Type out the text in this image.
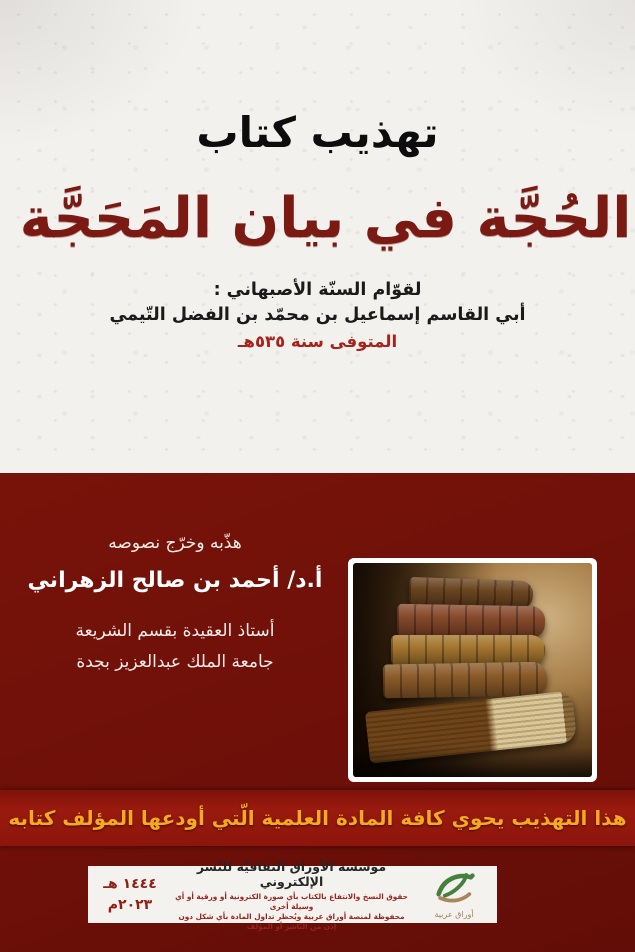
تهذيب كتاب
الحُجَّة في بيان المَحَجَّة
لقوّام السنّة الأصبهاني :
أبي القاسم إسماعيل بن محمّد بن الفضل التّيمي
المتوفى سنة ٥٣٥هـ
هذّبه وخرّج نصوصه
أ.د/ أحمد بن صالح الزهراني
أستاذ العقيدة بقسم الشريعة
جامعة الملك عبدالعزيز بجدة
هذا التهذيب يحوي كافة المادة العلمية الّتي أودعها المؤلف كتابه
أوراق عربية
مؤسسة الأوراق الثقافيّة للنّشر الإلكتروني
حقوق النسخ والانتفاع بالكتاب بأي صورة الكترونية أو ورقية أو أي وسيلة أخرى
محفوظة لمنصة أوراق عربية ويُحظر تداول المادة بأي شكل دون إذن من النّاشر أو المؤلف
١٤٤٤ هـ
٢٠٢٣م
